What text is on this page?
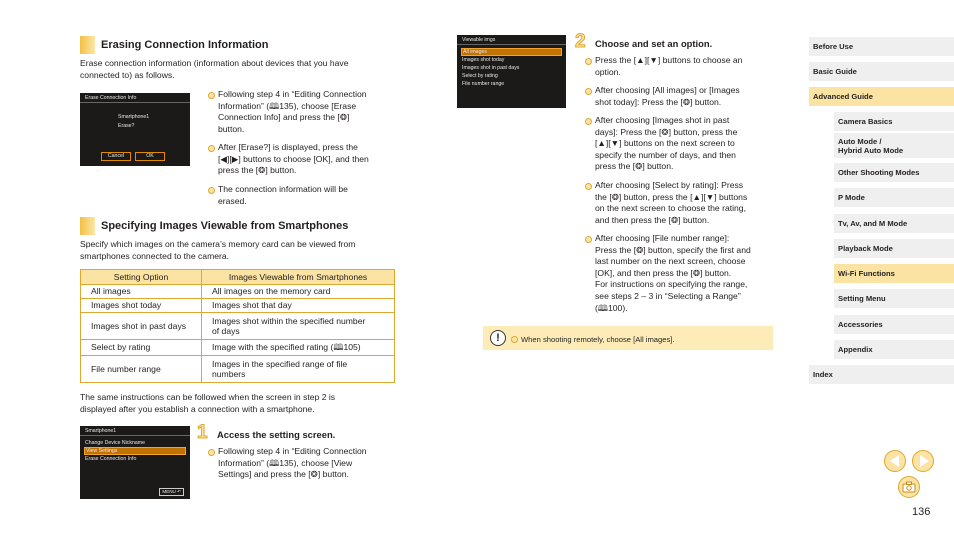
Erasing Connection Information
Erase connection information (information about devices that you have
connected to) as follows.
Erase Connection Info
Smartphone1
Erase?
Cancel	OK
Following step 4 in “Editing Connection
Information” (🕮135), choose [Erase
Connection Info] and press the [❂]
button.
After [Erase?] is displayed, press the
[◀][▶] buttons to choose [OK], and then
press the [❂] button.
The connection information will be
erased.
Specifying Images Viewable from Smartphones
Specify which images on the camera’s memory card can be viewed from
smartphones connected to the camera.
Setting Option	Images Viewable from Smartphones
All images	All images on the memory card
Images shot today	Images shot that day
Images shot in past days	Images shot within the specified number
of days

Select by rating	Image with the specified rating (🕮105)
File number range	Images in the specified range of file
numbers
The same instructions can be followed when the screen in step 2 is
displayed after you establish a connection with a smartphone.
Smartphone1
Change Device Nickname
View Settings
Erase Connection Info
MENU ↶
1 Access the setting screen.
Following step 4 in “Editing Connection
Information” (🕮135), choose [View
Settings] and press the [❂] button.
Viewable imgs
All images
Images shot today
Images shot in past days
Select by rating
File number range
2 Choose and set an option.
Press the [▲][▼] buttons to choose an
option.
After choosing [All images] or [Images
shot today]: Press the [❂] button.
After choosing [Images shot in past
days]: Press the [❂] button, press the
[▲][▼] buttons on the next screen to
specify the number of days, and then
press the [❂] button.
After choosing [Select by rating]: Press
the [❂] button, press the [▲][▼] buttons
on the next screen to choose the rating,
and then press the [❂] button.
After choosing [File number range]:
Press the [❂] button, specify the first and
last number on the next screen, choose
[OK], and then press the [❂] button.
For instructions on specifying the range,
see steps 2 – 3 in “Selecting a Range”
(🕮100).
!	When shooting remotely, choose [All images].
Before Use
Basic Guide
Advanced Guide
Camera Basics
Auto Mode /
Hybrid Auto Mode
Other Shooting Modes
P Mode
Tv, Av, and M Mode
Playback Mode
Wi-Fi Functions
Setting Menu
Accessories
Appendix
Index
136
